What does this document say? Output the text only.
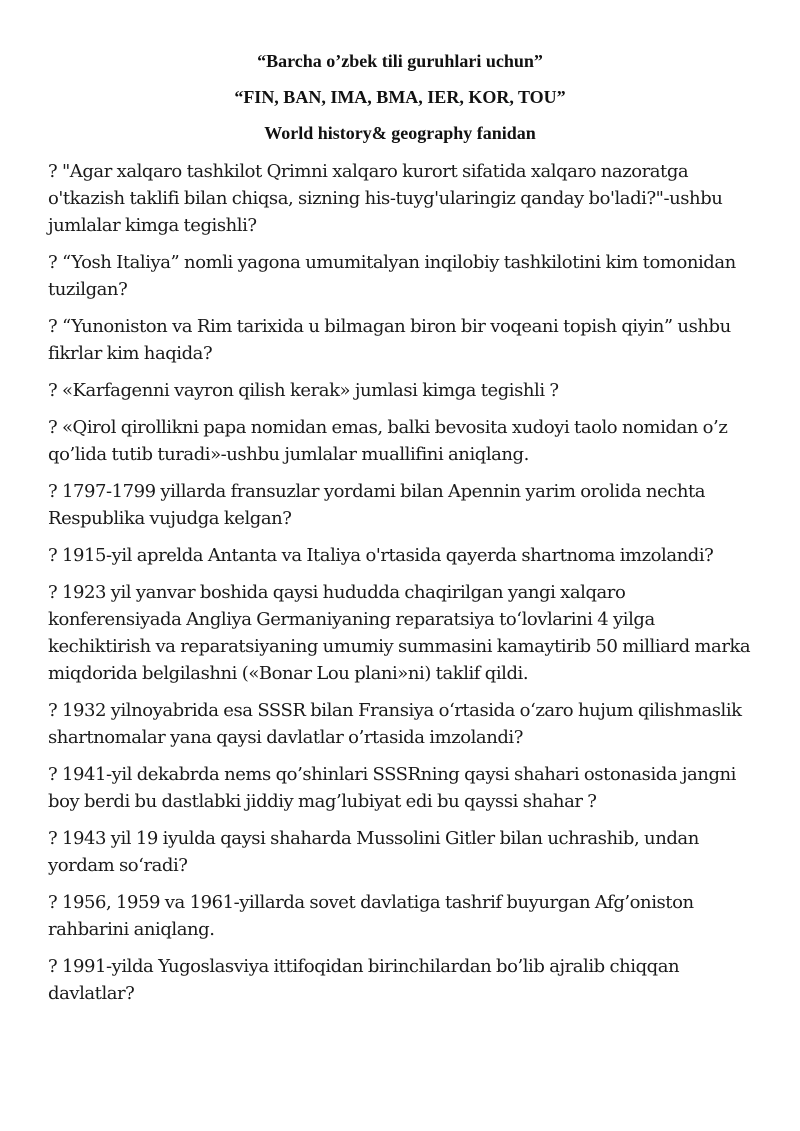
“Barcha o’zbek tili guruhlari uchun”
“FIN, BAN, IMA, BMA, IER, KOR, TOU”
World history& geography fanidan

? "Agar xalqaro tashkilot Qrimni xalqaro kurort sifatida xalqaro nazoratga o'tkazish taklifi bilan chiqsa, sizning his-tuyg'ularingiz qanday bo'ladi?"-ushbu jumlalar kimga tegishli?

? “Yosh Italiya” nomli yagona umumitalyan inqilobiy tashkilotini kim tomonidan tuzilgan?

? “Yunoniston va Rim tarixida u bilmagan biron bir voqeani topish qiyin” ushbu fikrlar kim haqida?

? «Karfagenni vayron qilish kerak» jumlasi kimga tegishli ?

? «Qirol qirollikni papa nomidan emas, balki bevosita xudoyi taolo nomidan o’z qo’lida tutib turadi»-ushbu jumlalar muallifini aniqlang.

? 1797-1799 yillarda fransuzlar yordami bilan Apennin yarim orolida nechta Respublika vujudga kelgan?

? 1915-yil aprelda Antanta va Italiya o'rtasida qayerda shartnoma imzolandi?

? 1923 yil yanvar boshida qaysi hududda chaqirilgan yangi xalqaro konferensiyada Angliya Germaniyaning reparatsiya to‘lovlarini 4 yilga kechiktirish va reparatsiyaning umumiy summasini kamaytirib 50 milliard marka miqdorida belgilashni («Bonar Lou plani»ni) taklif qildi.

? 1932 yilnoyabrida esa SSSR bilan Fransiya o‘rtasida o‘zaro hujum qilishmaslik shartnomalar yana qaysi davlatlar o’rtasida imzolandi?

? 1941-yil dekabrda nems qo’shinlari SSSRning qaysi shahari ostonasida jangni boy berdi bu dastlabki jiddiy mag’lubiyat edi bu qayssi shahar ?

? 1943 yil 19 iyulda qaysi shaharda Mussolini Gitler bilan uchrashib, undan yordam so‘radi?

? 1956, 1959 va 1961-yillarda sovet davlatiga tashrif buyurgan Afg’oniston rahbarini aniqlang.

? 1991-yilda Yugoslasviya ittifoqidan birinchilardan bo’lib ajralib chiqqan davlatlar?
